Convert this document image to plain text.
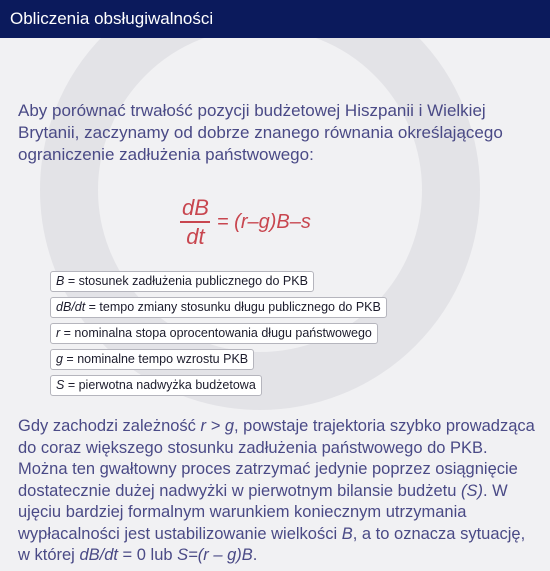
Obliczenia obsługiwalności

Aby porównać trwałość pozycji budżetowej Hiszpanii i Wielkiej Brytanii, zaczynamy od dobrze znanego równania określającego ograniczenie zadłużenia państwowego:

$\frac{dB}{dt} = (r-g)B-s$
B = stosunek zadłużenia publicznego do PKB
dB/dt = tempo zmiany stosunku długu publicznego do PKB
r = nominalna stopa oprocentowania długu państwowego
g = nominalne tempo wzrostu PKB
S = pierwotna nadwyżka budżetowa

Gdy zachodzi zależność r > g, powstaje trajektoria szybko prowadząca do coraz większego stosunku zadłużenia państwowego do PKB. Można ten gwałtowny proces zatrzymać jedynie poprzez osiągnięcie dostatecznie dużej nadwyżki w pierwotnym bilansie budżetu (S). W ujęciu bardziej formalnym warunkiem koniecznym utrzymania wypłacalności jest ustabilizowanie wielkości B, a to oznacza sytuację, w której dB/dt = 0 lub S=(r – g)B.
